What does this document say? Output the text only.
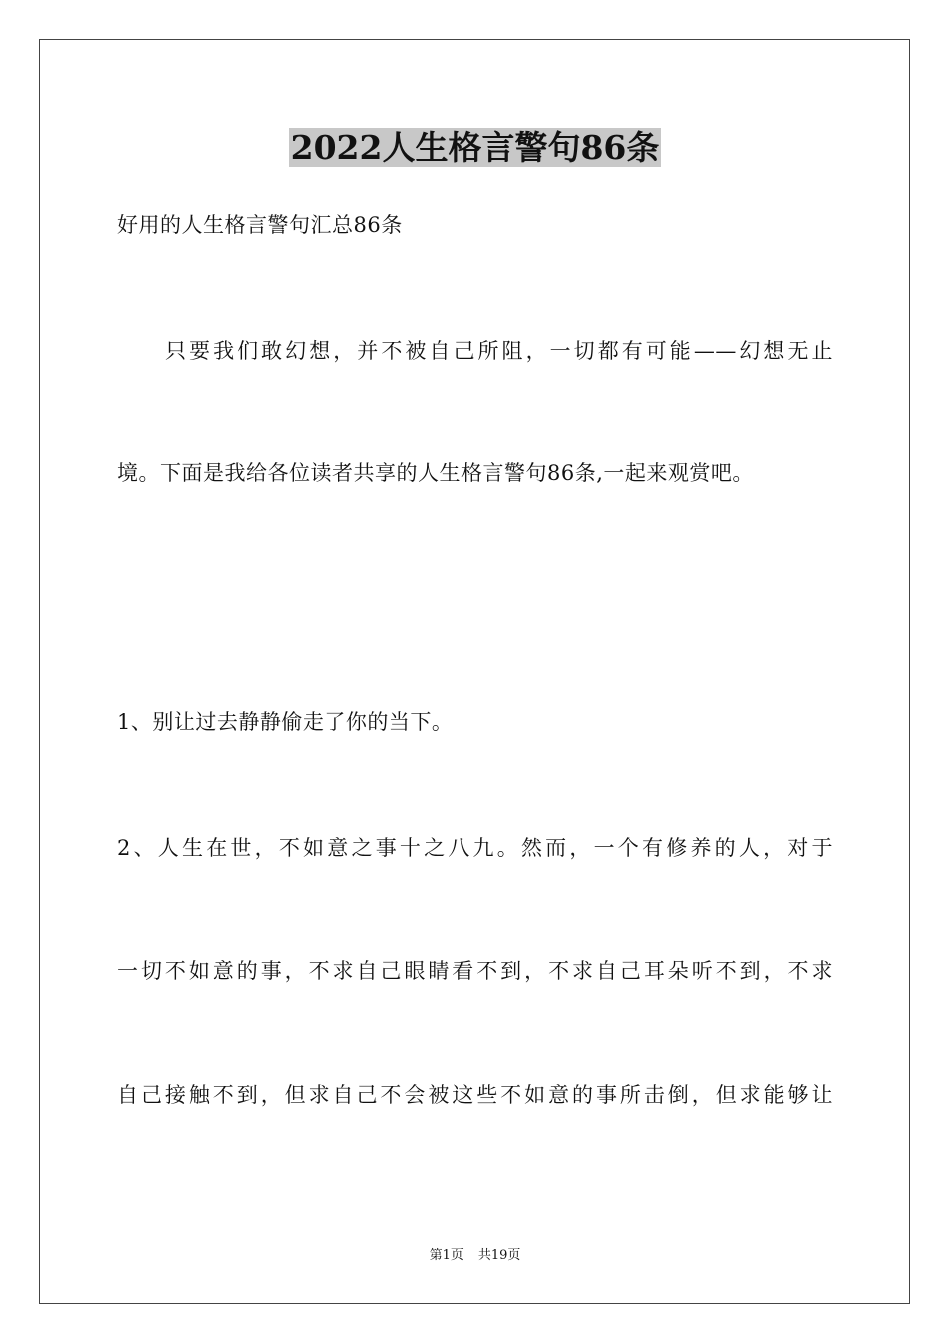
2022人生格言警句86条
好用的人生格言警句汇总86条
只要我们敢幻想，并不被自己所阻，一切都有可能——幻想无止
境。下面是我给各位读者共享的人生格言警句86条,一起来观赏吧。
1、别让过去静静偷走了你的当下。
2、人生在世，不如意之事十之八九。然而，一个有修养的人，对于
一切不如意的事，不求自己眼睛看不到，不求自己耳朵听不到，不求
自己接触不到，但求自己不会被这些不如意的事所击倒，但求能够让
第1页 共19页
